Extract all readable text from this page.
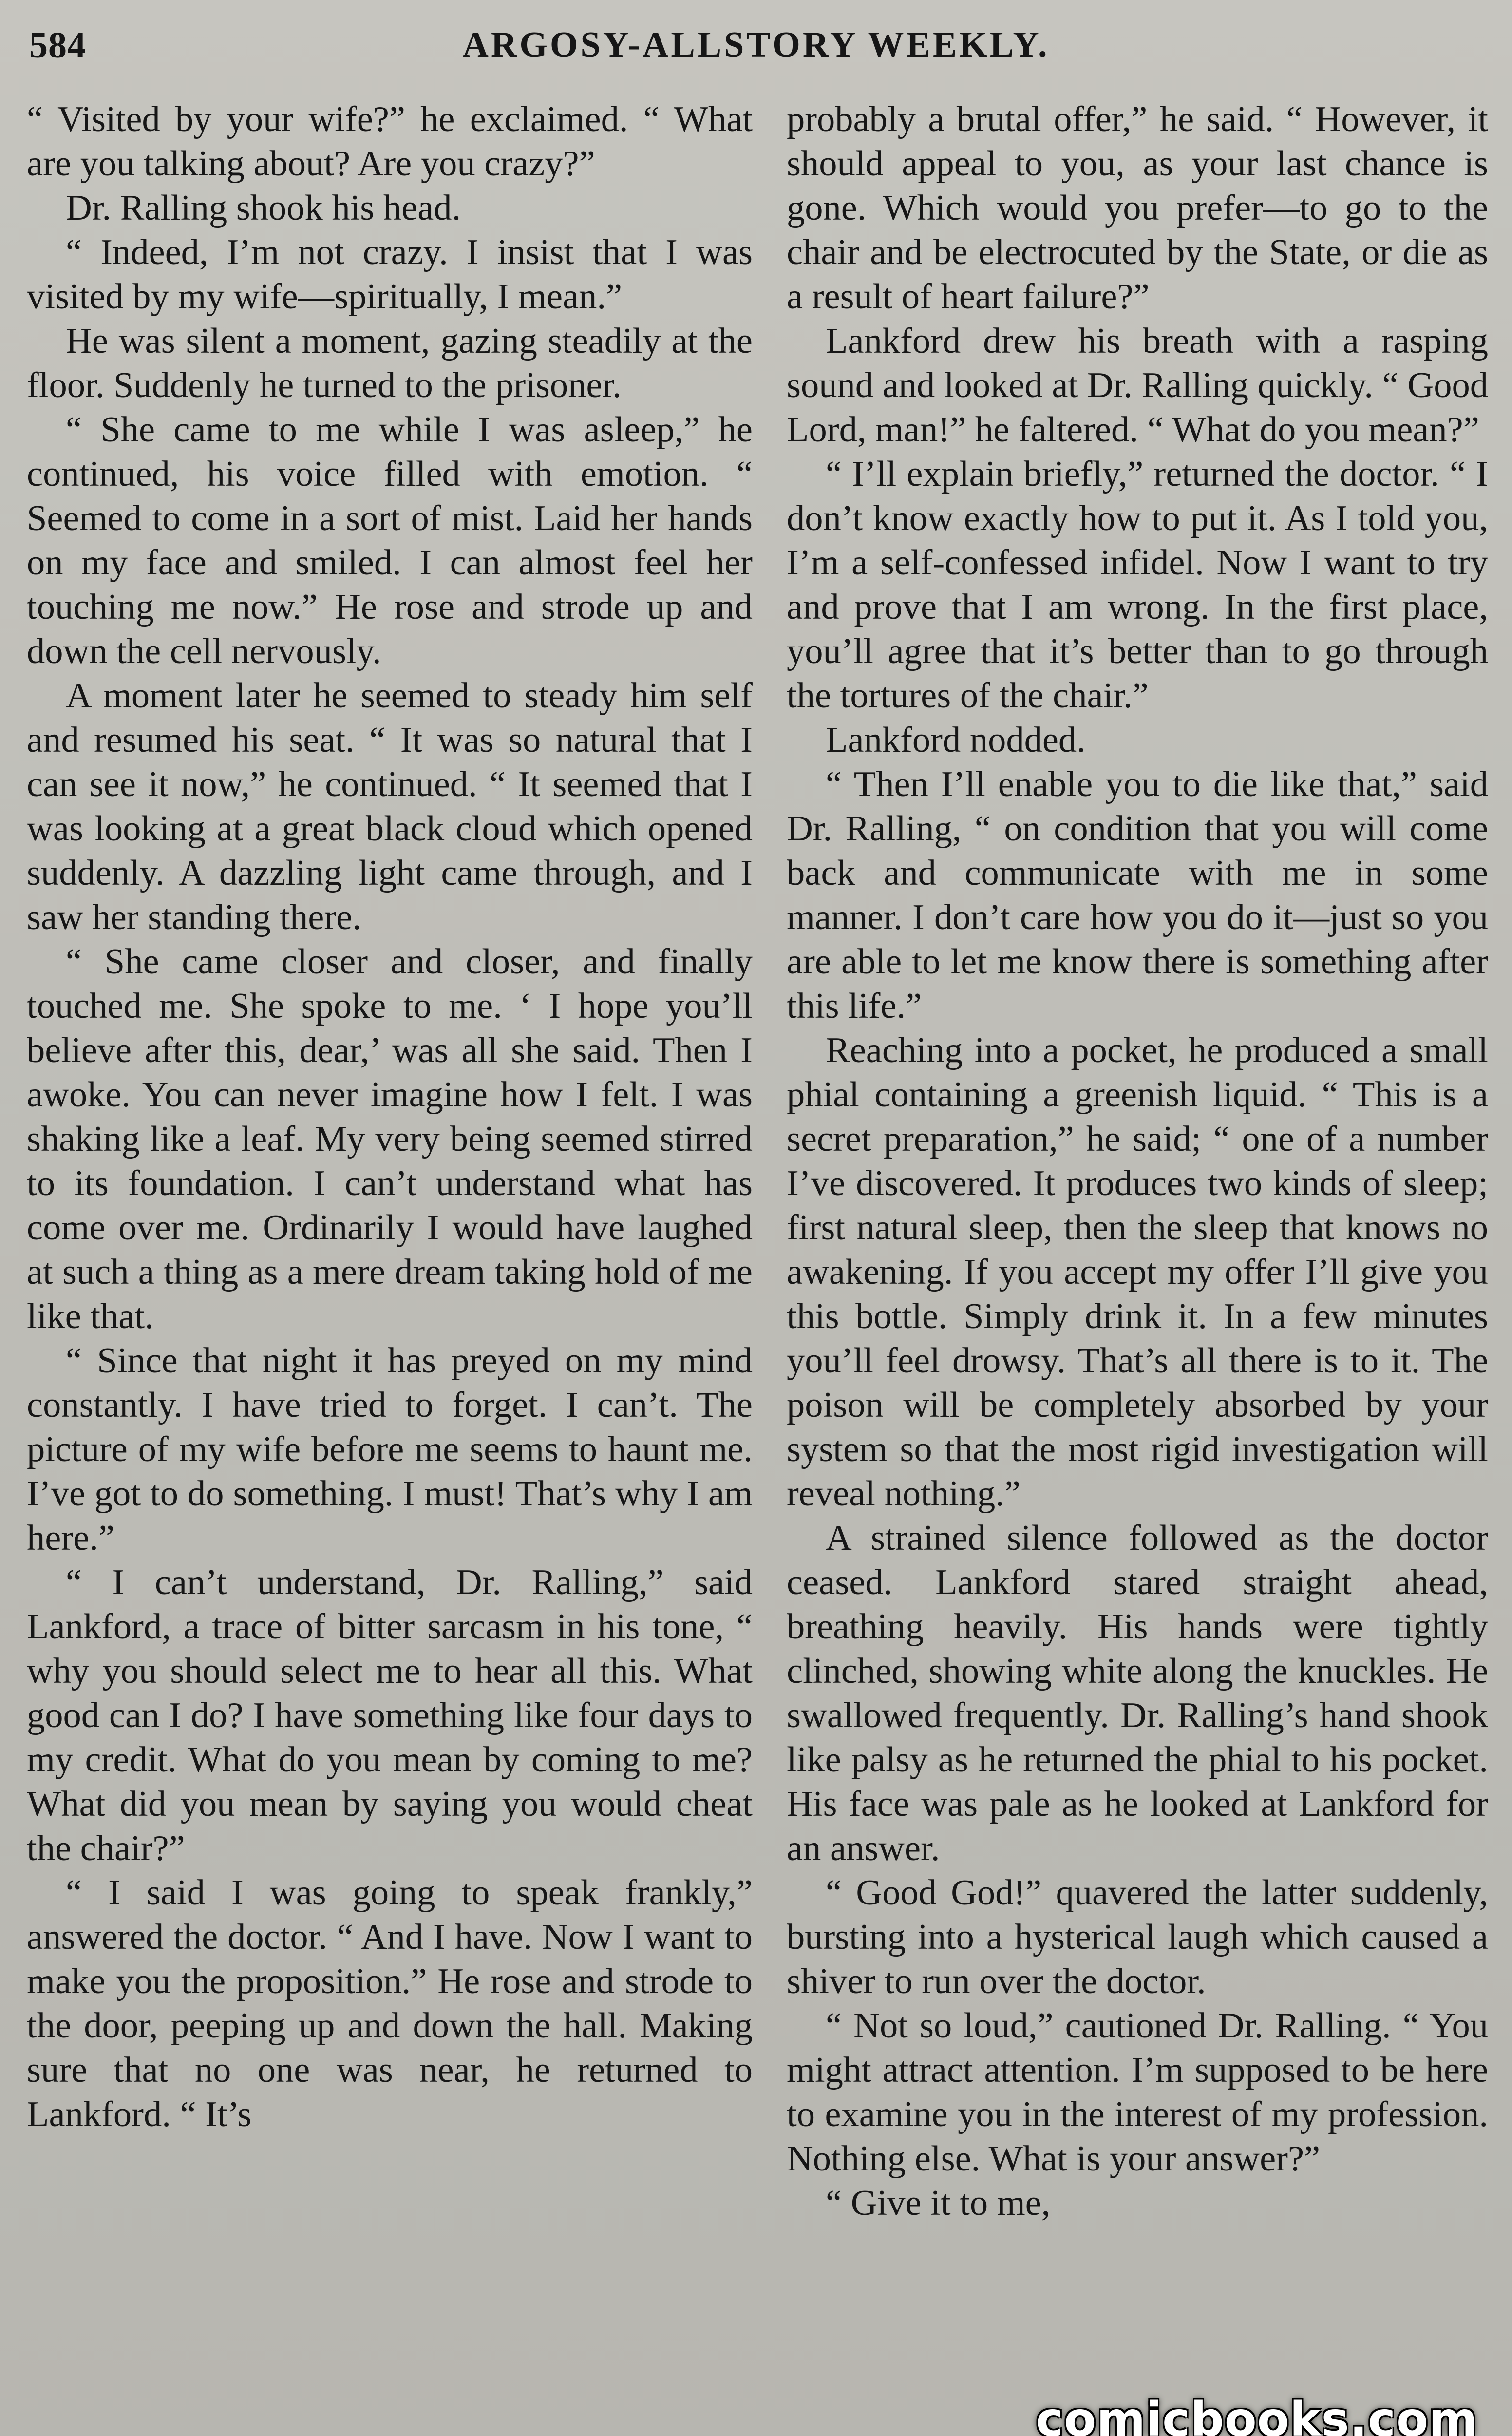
584	ARGOSY-ALLSTORY WEEKLY.

“ Visited by your wife?” he exclaimed. “ What are you talking about? Are you crazy?”

Dr. Ralling shook his head.

“ Indeed, I’m not crazy. I insist that I was visited by my wife—spiritually, I mean.”

He was silent a moment, gazing steadily at the floor. Suddenly he turned to the prisoner.

“ She came to me while I was asleep,” he continued, his voice filled with emotion. “ Seemed to come in a sort of mist. Laid her hands on my face and smiled. I can almost feel her touching me now.” He rose and strode up and down the cell nervously.

A moment later he seemed to steady him self and resumed his seat. “ It was so natural that I can see it now,” he continued. “ It seemed that I was looking at a great black cloud which opened suddenly. A dazzling light came through, and I saw her standing there.

“ She came closer and closer, and finally touched me. She spoke to me. ‘ I hope you’ll believe after this, dear,’ was all she said. Then I awoke. You can never imagine how I felt. I was shaking like a leaf. My very being seemed stirred to its foundation. I can’t understand what has come over me. Ordinarily I would have laughed at such a thing as a mere dream taking hold of me like that.

“ Since that night it has preyed on my mind constantly. I have tried to forget. I can’t. The picture of my wife before me seems to haunt me. I’ve got to do something. I must! That’s why I am here.”

“ I can’t understand, Dr. Ralling,” said Lankford, a trace of bitter sarcasm in his tone, “ why you should select me to hear all this. What good can I do? I have something like four days to my credit. What do you mean by coming to me? What did you mean by saying you would cheat the chair?”

“ I said I was going to speak frankly,” answered the doctor. “ And I have. Now I want to make you the proposition.” He rose and strode to the door, peeping up and down the hall. Making sure that no one was near, he returned to Lankford. “ It’s

probably a brutal offer,” he said. “ However, it should appeal to you, as your last chance is gone. Which would you prefer—to go to the chair and be electrocuted by the State, or die as a result of heart failure?”

Lankford drew his breath with a rasping sound and looked at Dr. Ralling quickly. “ Good Lord, man!” he faltered. “ What do you mean?”

“ I’ll explain briefly,” returned the doctor. “ I don’t know exactly how to put it. As I told you, I’m a self-confessed infidel. Now I want to try and prove that I am wrong. In the first place, you’ll agree that it’s better than to go through the tortures of the chair.”

Lankford nodded.

“ Then I’ll enable you to die like that,” said Dr. Ralling, “ on condition that you will come back and communicate with me in some manner. I don’t care how you do it—just so you are able to let me know there is something after this life.”

Reaching into a pocket, he produced a small phial containing a greenish liquid. “ This is a secret preparation,” he said; “ one of a number I’ve discovered. It produces two kinds of sleep; first natural sleep, then the sleep that knows no awakening. If you accept my offer I’ll give you this bottle. Simply drink it. In a few minutes you’ll feel drowsy. That’s all there is to it. The poison will be completely absorbed by your system so that the most rigid investigation will reveal nothing.”

A strained silence followed as the doctor ceased. Lankford stared straight ahead, breathing heavily. His hands were tightly clinched, showing white along the knuckles. He swallowed frequently. Dr. Ralling’s hand shook like palsy as he returned the phial to his pocket. His face was pale as he looked at Lankford for an answer.

“ Good God!” quavered the latter suddenly, bursting into a hysterical laugh which caused a shiver to run over the doctor.

“ Not so loud,” cautioned Dr. Ralling. “ You might attract attention. I’m supposed to be here to examine you in the interest of my profession. Nothing else. What is your answer?”

“ Give it to me,

comicbooks.com
